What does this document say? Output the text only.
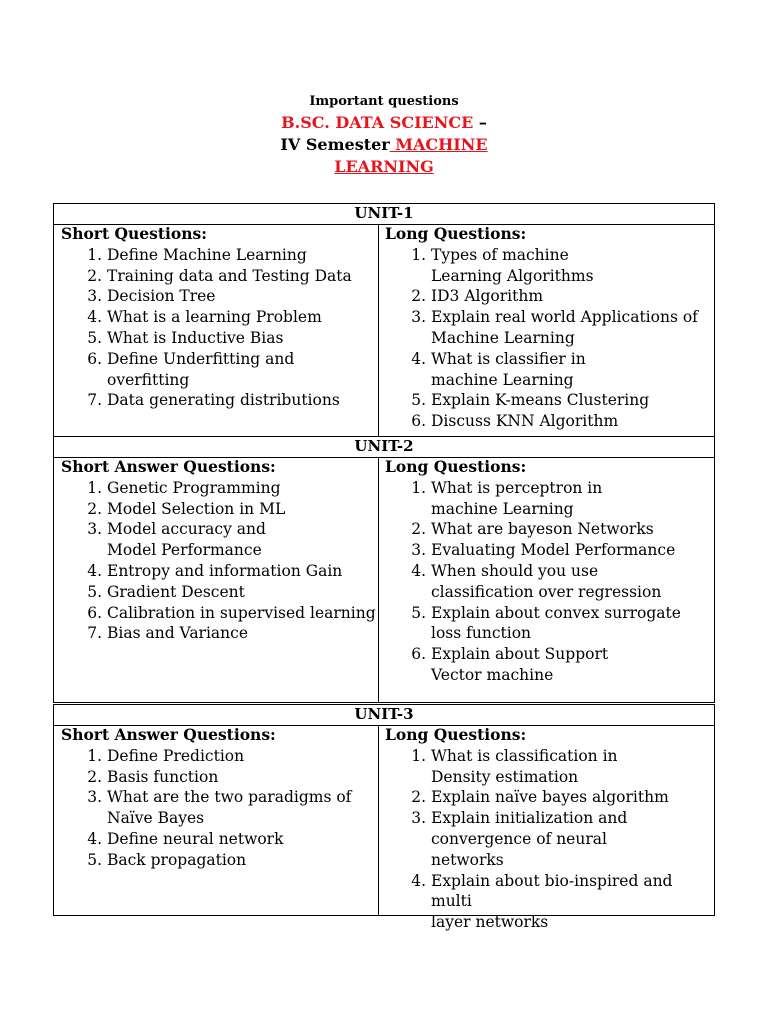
Important questions
B.SC. DATA SCIENCE –
IV Semester MACHINE
LEARNING
UNIT-1
Short Questions:
1. Define Machine Learning
2. Training data and Testing Data
3. Decision Tree
4. What is a learning Problem
5. What is Inductive Bias
6. Define Underfitting and overfitting
7. Data generating distributions
Long Questions:
1. Types of machine
Learning Algorithms
2. ID3 Algorithm
3. Explain real world Applications of
Machine Learning
4. What is classifier in
machine Learning
5. Explain K-means Clustering
6. Discuss KNN Algorithm
UNIT-2
Short Answer Questions:
1. Genetic Programming
2. Model Selection in ML
3. Model accuracy and
Model Performance
4. Entropy and information Gain
5. Gradient Descent
6. Calibration in supervised learning
7. Bias and Variance
Long Questions:
1. What is perceptron in
machine Learning
2. What are bayeson Networks
3. Evaluating Model Performance
4. When should you use
classification over regression
5. Explain about convex surrogate
loss function
6. Explain about Support
Vector machine
UNIT-3
Short Answer Questions:
1. Define Prediction
2. Basis function
3. What are the two paradigms of
Naïve Bayes
4. Define neural network
5. Back propagation
Long Questions:
1. What is classification in
Density estimation
2. Explain naïve bayes algorithm
3. Explain initialization and
convergence of neural
networks
4. Explain about bio-inspired and multi
layer networks
